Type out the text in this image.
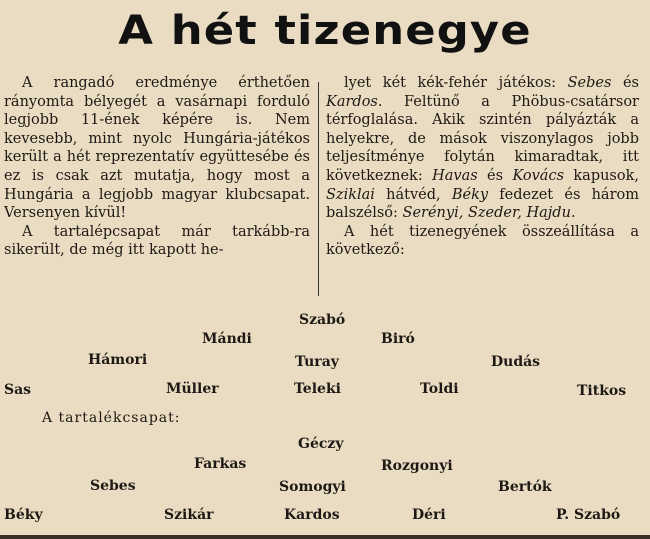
A hét tizenegye

A rangadó eredménye érthetően rányomta bélyegét a vasárnapi forduló legjobb 11-ének képére is. Nem kevesebb, mint nyolc Hungária-játékos került a hét reprezentatív együttesébe és ez is csak azt mutatja, hogy most a Hungária a legjobb magyar klubcsapat. Versenyen kívül!

A tartalépcsapat már tarkább-ra sikerült, de még itt kapott he-

lyet két kék-fehér játékos: Sebes és Kardos. Feltünő a Phöbus-csatársor térfoglalása. Akik szintén pályázták a helyekre, de mások viszonylagos jobb teljesítménye folytán kimaradtak, itt következnek: Havas és Kovács kapusok, Sziklai hátvéd, Béky fedezet és három balszélső: Serényi, Szeder, Hajdu.

A hét tizenegyének összeállítása a következő:

Szabó
Mándi	Biró
Hámori	Turay	Dudás
Sas	Müller	Teleki	Toldi	Titkos
A tartalékcsapat:
Géczy
Farkas	Rozgonyi
Sebes	Somogyi	Bertók
Béky	Szikár	Kardos	Déri	P. Szabó
